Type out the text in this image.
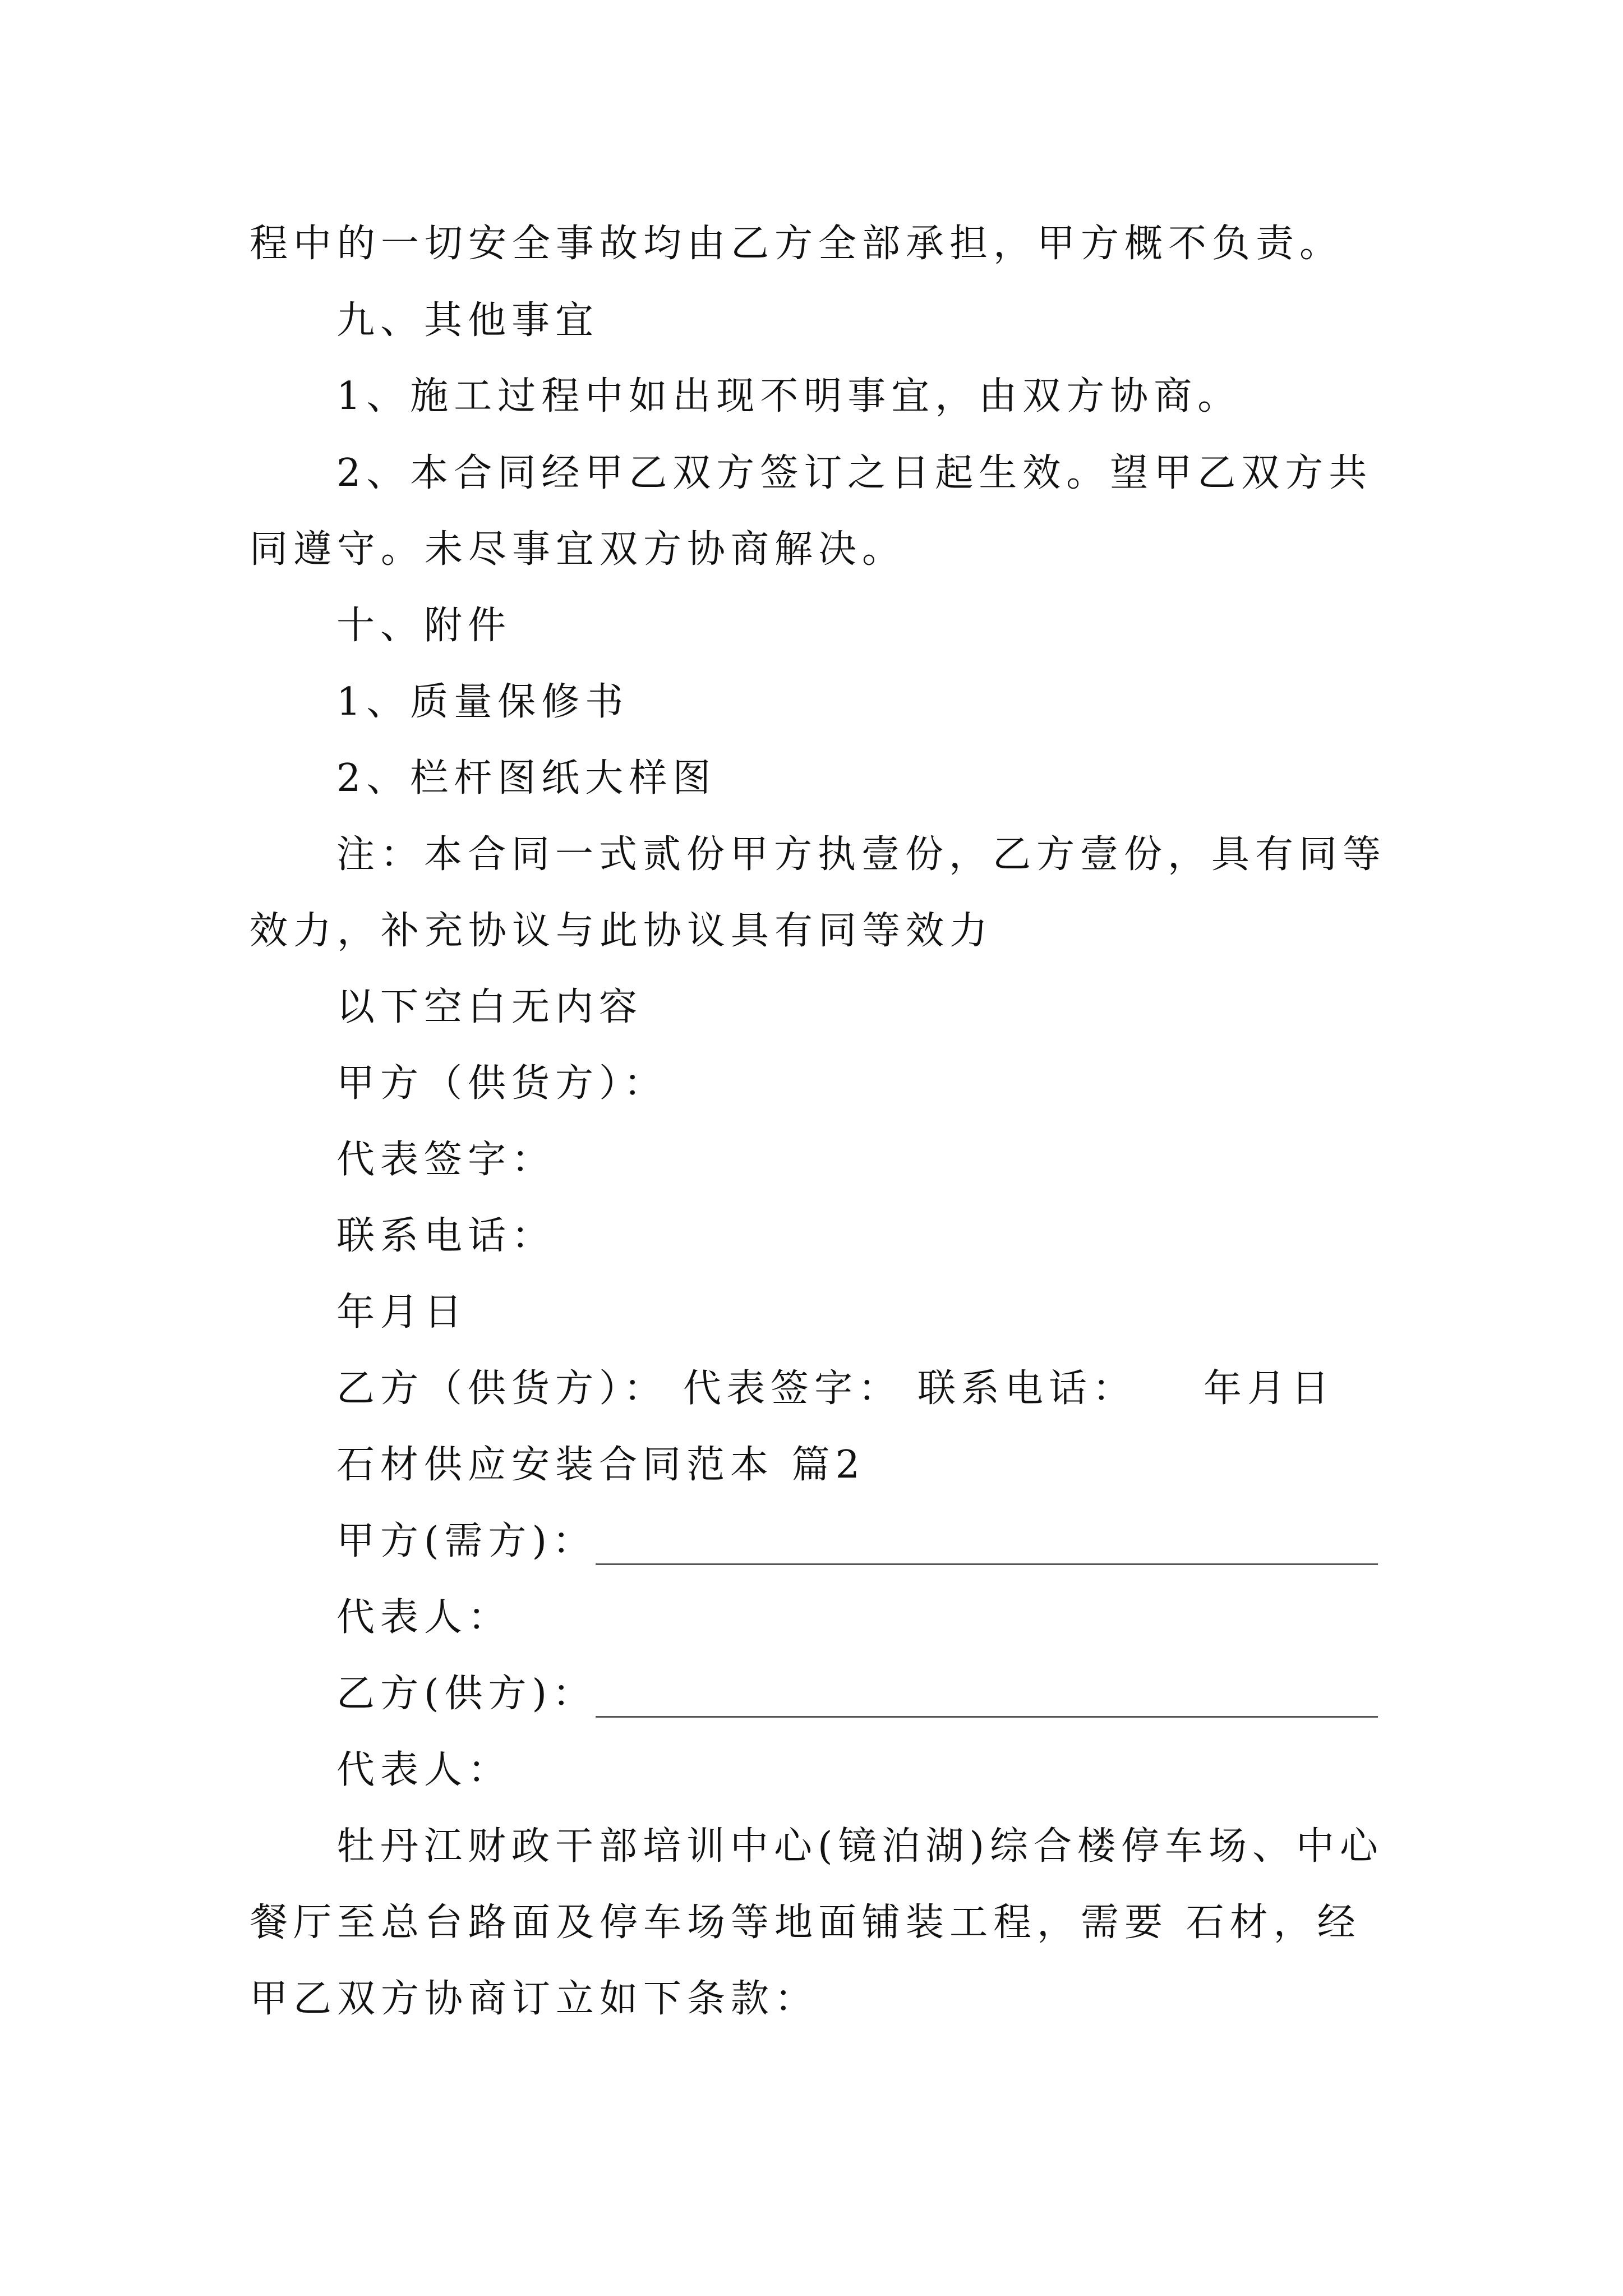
程中的一切安全事故均由乙方全部承担，甲方概不负责。
九、其他事宜
1、施工过程中如出现不明事宜，由双方协商。
2、本合同经甲乙双方签订之日起生效。望甲乙双方共
同遵守。未尽事宜双方协商解决。
十、附件
1、质量保修书
2、栏杆图纸大样图
注：本合同一式贰份甲方执壹份，乙方壹份，具有同等
效力，补充协议与此协议具有同等效力
以下空白无内容
甲方（供货方）：
代表签字：
联系电话：
年月日
乙方（供货方）： 代表签字： 联系电话： 年月日
石材供应安装合同范本 篇2
甲方(需方)：
代表人：
乙方(供方)：
代表人：
牡丹江财政干部培训中心(镜泊湖)综合楼停车场、中心
餐厅至总台路面及停车场等地面铺装工程，需要 石材，经
甲乙双方协商订立如下条款：
